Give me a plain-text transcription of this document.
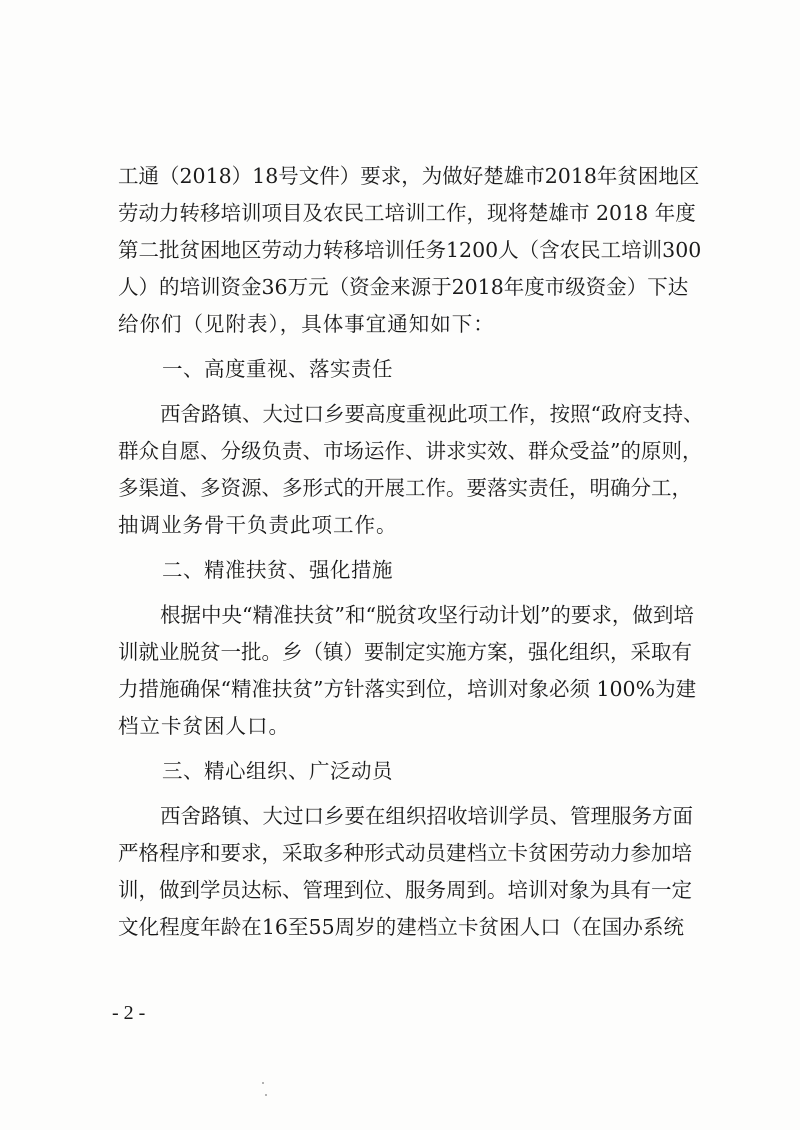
工通（2018）18号文件）要求，为做好楚雄市2018年贫困地区
劳动力转移培训项目及农民工培训工作，现将楚雄市 2018 年度
第二批贫困地区劳动力转移培训任务1200人（含农民工培训300
人）的培训资金36万元（资金来源于2018年度市级资金）下达
给你们（见附表），具体事宜通知如下：
一、高度重视、落实责任
西舍路镇、大过口乡要高度重视此项工作，按照“政府支持、
群众自愿、分级负责、市场运作、讲求实效、群众受益”的原则，
多渠道、多资源、多形式的开展工作。要落实责任，明确分工，
抽调业务骨干负责此项工作。
二、精准扶贫、强化措施
根据中央“精准扶贫”和“脱贫攻坚行动计划”的要求，做到培
训就业脱贫一批。乡（镇）要制定实施方案，强化组织，采取有
力措施确保“精准扶贫”方针落实到位，培训对象必须 100%为建
档立卡贫困人口。
三、精心组织、广泛动员
西舍路镇、大过口乡要在组织招收培训学员、管理服务方面
严格程序和要求，采取多种形式动员建档立卡贫困劳动力参加培
训，做到学员达标、管理到位、服务周到。培训对象为具有一定
文化程度年龄在16至55周岁的建档立卡贫困人口（在国办系统
- 2 -
